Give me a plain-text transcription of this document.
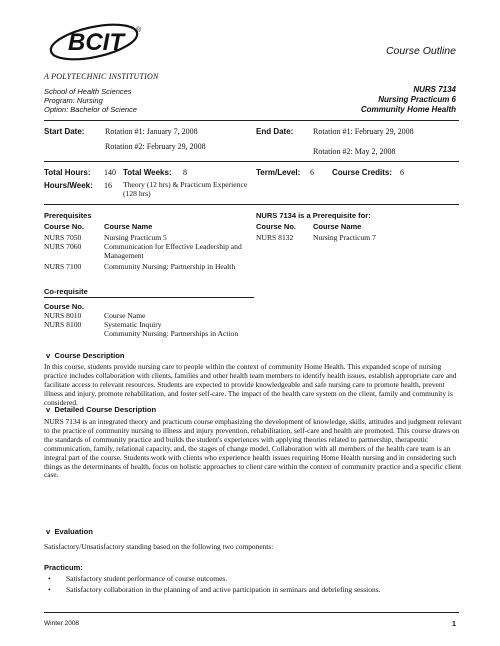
BCIT	®
A POLYTECHNIC INSTITUTION
Course Outline
School of Health Sciences
Program: Nursing
Option: Bachelor of Science
NURS 7134
Nursing Practicum 6
Community Home Health
Start Date:	Rotation #1: January 7, 2008
Rotation #2: February 29, 2008
End Date: Rotation #1: February 29, 2008
Rotation #2: May 2, 2008
Total Hours: 140 Total Weeks: 8	Term/Level: 6 Course Credits: 6
Hours/Week: 16 Theory (12 hrs) & Practicum Experience (128 hrs)
Prerequisites
Course No.	Course Name
NURS 7050	Nursing Practicum 5
NURS 7060	Communication for Effective Leadership and Management
NURS 7100	Community Nursing: Partnership in Health
NURS 7134 is a Prerequisite for:
Course No. Course Name
NURS 8132	Nursing Practicum 7
Co-requisite
Course No.
NURS 8010	Course Name
NURS 8100	Systematic Inquiry
Community Nursing: Partnerships in Action
v Course Description
In this course, students provide nursing care to people within the context of community Home Health. This expanded scope of nursing practice includes collaboration with clients, families and other health team members to identify health issues, establish appropriate care and facilitate access to relevant resources. Students are expected to provide knowledgeable and safe nursing care to promote health, prevent illness and injury, promote rehabilitation, and foster self-care. The impact of the health care system on the client, family and community is considered.
v Detailed Course Description
NURS 7134 is an integrated theory and practicum course emphasizing the development of knowledge, skills, attitudes and judgment relevant to the practice of community nursing to illness and injury prevention, rehabilitation, self-care and health are promoted. This course draws on the standards of community practice and builds the student's experiences with applying theories related to partnership, therapeutic communication, family, relational capacity, and, the stages of change model. Collaboration with all members of the health care team is an integral part of the course. Students work with clients who experience health issues requiring Home Health nursing and in considering such things as the determinants of health, focus on holistic approaches to client care within the context of community practice and a specific client case.
v Evaluation
Satisfactory/Unsatisfactory standing based on the following two components:
Practicum:
• Satisfactory student performance of course outcomes.
• Satisfactory collaboration in the planning of and active participation in seminars and debriefing sessions.
Winter 2008	1
